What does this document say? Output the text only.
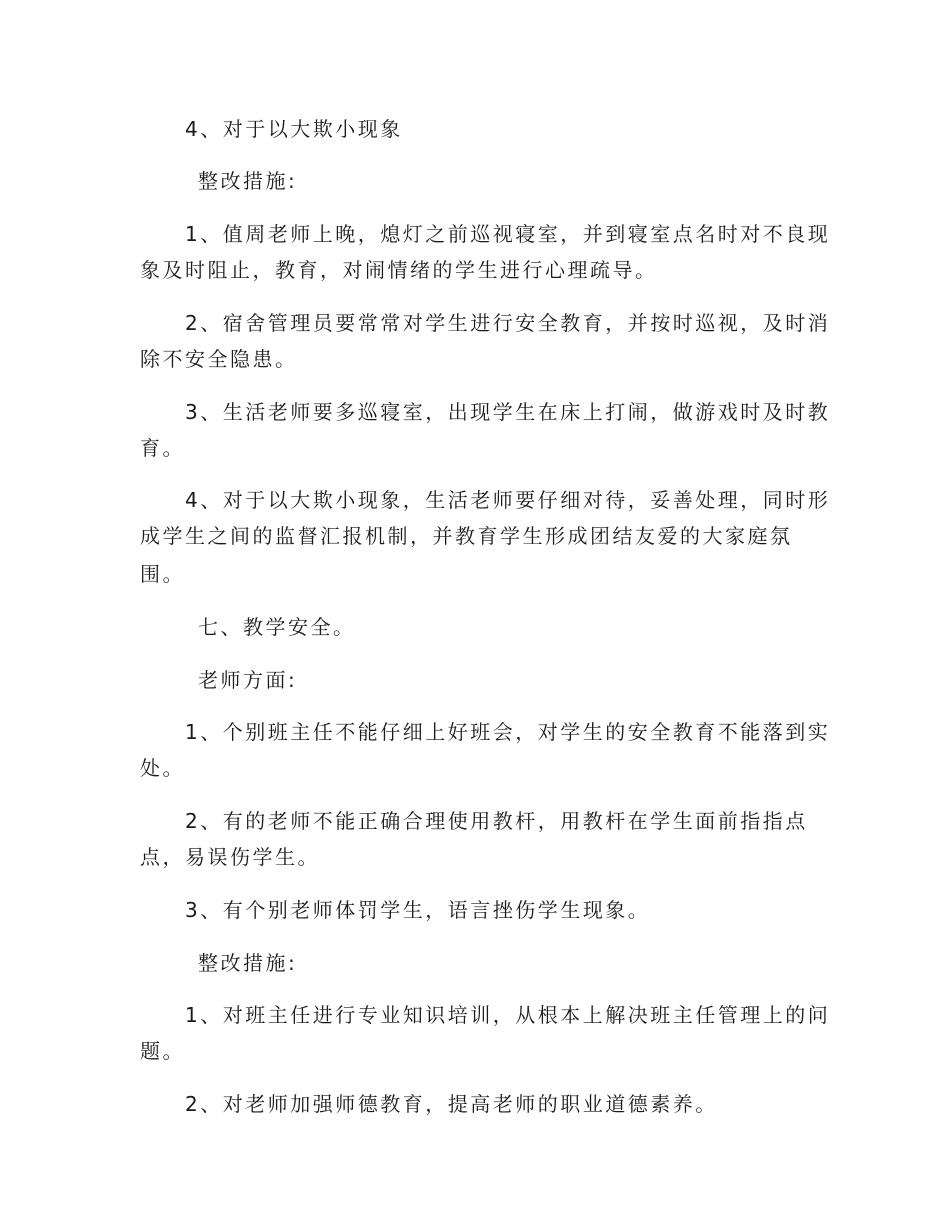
4、对于以大欺小现象

整改措施:

1、值周老师上晚，熄灯之前巡视寝室，并到寝室点名时对不良现

象及时阻止，教育，对闹情绪的学生进行心理疏导。

2、宿舍管理员要常常对学生进行安全教育，并按时巡视，及时消

除不安全隐患。

3、生活老师要多巡寝室，出现学生在床上打闹，做游戏时及时教

育。

4、对于以大欺小现象，生活老师要仔细对待，妥善处理，同时形

成学生之间的监督汇报机制，并教育学生形成团结友爱的大家庭氛

围。

七、教学安全。

老师方面:

1、个别班主任不能仔细上好班会，对学生的安全教育不能落到实

处。

2、有的老师不能正确合理使用教杆，用教杆在学生面前指指点

点，易误伤学生。

3、有个别老师体罚学生，语言挫伤学生现象。

整改措施:

1、对班主任进行专业知识培训，从根本上解决班主任管理上的问

题。

2、对老师加强师德教育，提高老师的职业道德素养。
